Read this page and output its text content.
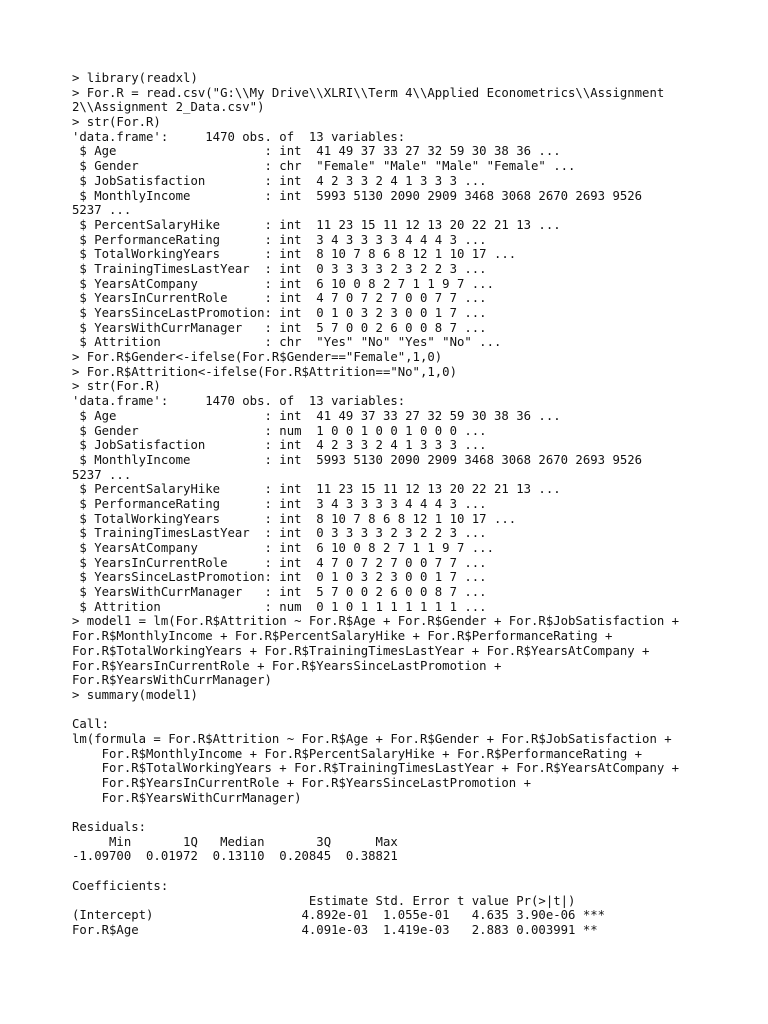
> library(readxl)
> For.R = read.csv("G:\\My Drive\\XLRI\\Term 4\\Applied Econometrics\\Assignment
2\\Assignment 2_Data.csv")
> str(For.R)
'data.frame':     1470 obs. of  13 variables:
$ Age                    : int  41 49 37 33 27 32 59 30 38 36 ...
$ Gender                 : chr  "Female" "Male" "Male" "Female" ...
$ JobSatisfaction        : int  4 2 3 3 2 4 1 3 3 3 ...
$ MonthlyIncome          : int  5993 5130 2090 2909 3468 3068 2670 2693 9526
5237 ...
$ PercentSalaryHike      : int  11 23 15 11 12 13 20 22 21 13 ...
$ PerformanceRating      : int  3 4 3 3 3 3 4 4 4 3 ...
$ TotalWorkingYears      : int  8 10 7 8 6 8 12 1 10 17 ...
$ TrainingTimesLastYear  : int  0 3 3 3 3 2 3 2 2 3 ...
$ YearsAtCompany         : int  6 10 0 8 2 7 1 1 9 7 ...
$ YearsInCurrentRole     : int  4 7 0 7 2 7 0 0 7 7 ...
$ YearsSinceLastPromotion: int  0 1 0 3 2 3 0 0 1 7 ...
$ YearsWithCurrManager   : int  5 7 0 0 2 6 0 0 8 7 ...
$ Attrition              : chr  "Yes" "No" "Yes" "No" ...
> For.R$Gender<-ifelse(For.R$Gender=="Female",1,0)
> For.R$Attrition<-ifelse(For.R$Attrition=="No",1,0)
> str(For.R)
'data.frame':     1470 obs. of  13 variables:
$ Age                    : int  41 49 37 33 27 32 59 30 38 36 ...
$ Gender                 : num  1 0 0 1 0 0 1 0 0 0 ...
$ JobSatisfaction        : int  4 2 3 3 2 4 1 3 3 3 ...
$ MonthlyIncome          : int  5993 5130 2090 2909 3468 3068 2670 2693 9526
5237 ...
$ PercentSalaryHike      : int  11 23 15 11 12 13 20 22 21 13 ...
$ PerformanceRating      : int  3 4 3 3 3 3 4 4 4 3 ...
$ TotalWorkingYears      : int  8 10 7 8 6 8 12 1 10 17 ...
$ TrainingTimesLastYear  : int  0 3 3 3 3 2 3 2 2 3 ...
$ YearsAtCompany         : int  6 10 0 8 2 7 1 1 9 7 ...
$ YearsInCurrentRole     : int  4 7 0 7 2 7 0 0 7 7 ...
$ YearsSinceLastPromotion: int  0 1 0 3 2 3 0 0 1 7 ...
$ YearsWithCurrManager   : int  5 7 0 0 2 6 0 0 8 7 ...
$ Attrition              : num  0 1 0 1 1 1 1 1 1 1 ...
> model1 = lm(For.R$Attrition ~ For.R$Age + For.R$Gender + For.R$JobSatisfaction +
For.R$MonthlyIncome + For.R$PercentSalaryHike + For.R$PerformanceRating +
For.R$TotalWorkingYears + For.R$TrainingTimesLastYear + For.R$YearsAtCompany +
For.R$YearsInCurrentRole + For.R$YearsSinceLastPromotion +
For.R$YearsWithCurrManager)
> summary(model1)
Call:
lm(formula = For.R$Attrition ~ For.R$Age + For.R$Gender + For.R$JobSatisfaction +
For.R$MonthlyIncome + For.R$PercentSalaryHike + For.R$PerformanceRating +
For.R$TotalWorkingYears + For.R$TrainingTimesLastYear + For.R$YearsAtCompany +
For.R$YearsInCurrentRole + For.R$YearsSinceLastPromotion +
For.R$YearsWithCurrManager)
Residuals:
Min       1Q   Median       3Q      Max
-1.09700  0.01972  0.13110  0.20845  0.38821
Coefficients:
Estimate Std. Error t value Pr(>|t|)
(Intercept)                    4.892e-01  1.055e-01   4.635 3.90e-06 ***
For.R$Age                      4.091e-03  1.419e-03   2.883 0.003991 **
